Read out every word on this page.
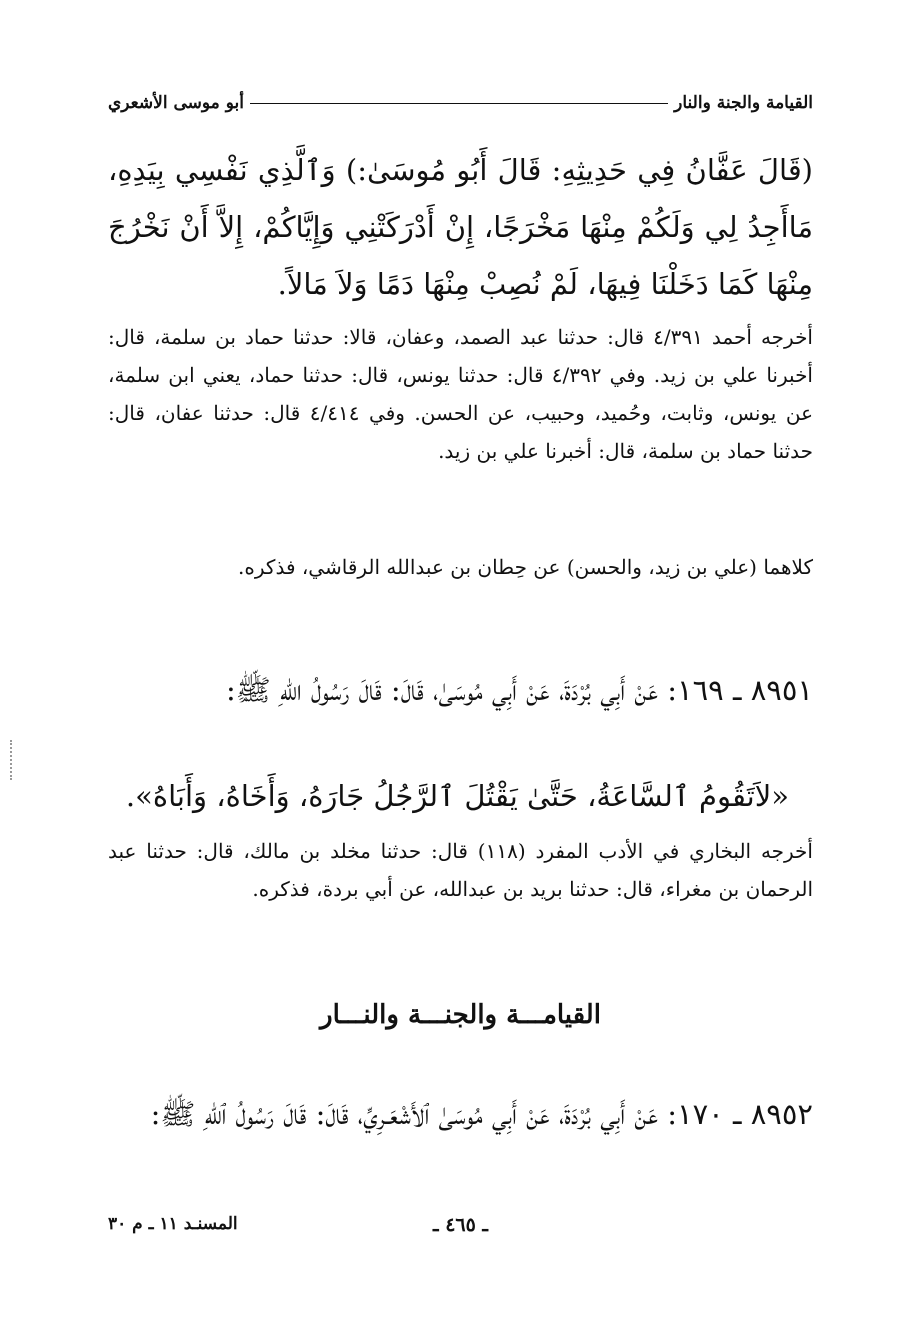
القيامة والجنة والنار
أبو موسى الأشعري
(قَالَ عَفَّانُ فِي حَدِيثِهِ: قَالَ أَبُو مُوسَىٰ:) وَٱلَّذِي نَفْسِي بِيَدِهِ، مَاأَجِدُ لِي وَلَكُمْ مِنْهَا مَخْرَجًا، إِنْ أَدْرَكَتْنِي وَإِيَّاكُمْ، إِلاَّ أَنْ نَخْرُجَ مِنْهَا كَمَا دَخَلْنَا فِيهَا، لَمْ نُصِبْ مِنْهَا دَمًا وَلاَ مَالاً.
أخرجه أحمد ٤/٣٩١ قال: حدثنا عبد الصمد، وعفان، قالا: حدثنا حماد بن سلمة، قال: أخبرنا علي بن زيد. وفي ٤/٣٩٢ قال: حدثنا يونس، قال: حدثنا حماد، يعني ابن سلمة، عن يونس، وثابت، وحُميد، وحبيب، عن الحسن. وفي ٤/٤١٤ قال: حدثنا عفان، قال: حدثنا حماد بن سلمة، قال: أخبرنا علي بن زيد.
كلاهما (علي بن زيد، والحسن) عن حِطان بن عبدالله الرقاشي، فذكره.
٨٩٥١ ـ ١٦٩: عَنْ أَبِي بُرْدَةَ، عَنْ أَبِي مُوسَىٰ، قَالَ: قَالَ رَسُولُ اللهِ ﷺ:
«لاَتَقُومُ ٱلسَّاعَةُ، حَتَّىٰ يَقْتُلَ ٱلرَّجُلُ جَارَهُ، وَأَخَاهُ، وَأَبَاهُ».
أخرجه البخاري في الأدب المفرد (١١٨) قال: حدثنا مخلد بن مالك، قال: حدثنا عبد الرحمان بن مغراء، قال: حدثنا بريد بن عبدالله، عن أبي بردة، فذكره.
القيامـــة والجنـــة والنـــار
٨٩٥٢ ـ ١٧٠: عَنْ أَبِي بُرْدَةَ، عَنْ أَبِي مُوسَىٰ ٱلأَشْعَـرِيِّ، قَالَ: قَالَ رَسُولُ ٱللهِ ﷺ:
ـ ٤٦٥ ـ
المسنـد ١١ ـ م ٣٠
